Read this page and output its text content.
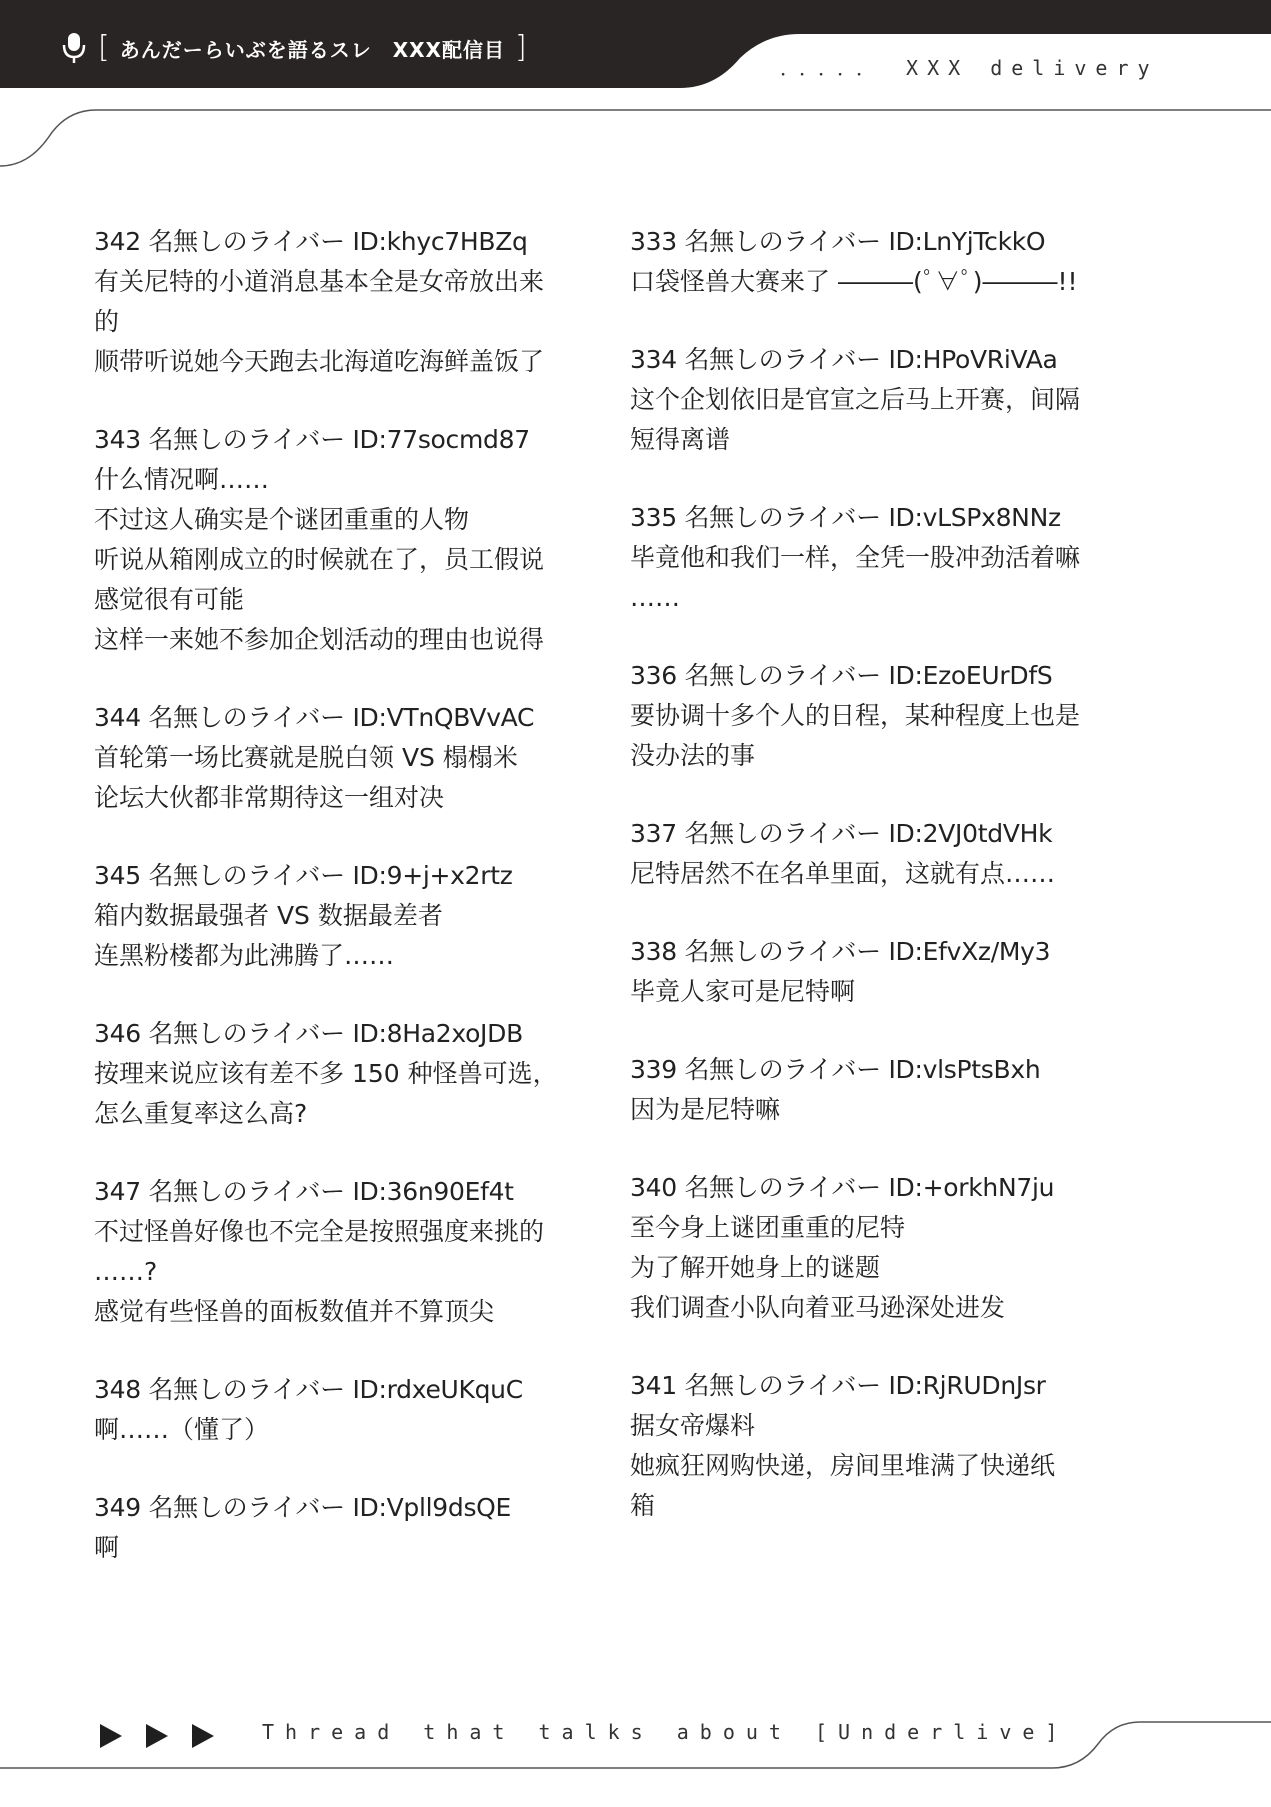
[ あんだーらいぶを語るスレ　XXX配信目 ]
．．．．． XXX delivery
342 名無しのライバー ID:khyc7HBZq
有关尼特的小道消息基本全是女帝放出来
的
顺带听说她今天跑去北海道吃海鲜盖饭了
343 名無しのライバー ID:77socmd87
什么情况啊……
不过这人确实是个谜团重重的人物
听说从箱刚成立的时候就在了，员工假说
感觉很有可能
这样一来她不参加企划活动的理由也说得
344 名無しのライバー ID:VTnQBVvAC
首轮第一场比赛就是脱白领 VS 榻榻米
论坛大伙都非常期待这一组对决
345 名無しのライバー ID:9+j+x2rtz
箱内数据最强者 VS 数据最差者
连黑粉楼都为此沸腾了……
346 名無しのライバー ID:8Ha2xoJDB
按理来说应该有差不多 150 种怪兽可选，
怎么重复率这么高?
347 名無しのライバー ID:36n90Ef4t
不过怪兽好像也不完全是按照强度来挑的
……?
感觉有些怪兽的面板数值并不算顶尖
348 名無しのライバー ID:rdxeUKquC
啊……（懂了）
349 名無しのライバー ID:Vpll9dsQE
啊
333 名無しのライバー ID:LnYjTckkO
口袋怪兽大赛来了 ―――(ﾟ∀ﾟ)―――!!
334 名無しのライバー ID:HPoVRiVAa
这个企划依旧是官宣之后马上开赛，间隔
短得离谱
335 名無しのライバー ID:vLSPx8NNz
毕竟他和我们一样，全凭一股冲劲活着嘛
……
336 名無しのライバー ID:EzoEUrDfS
要协调十多个人的日程，某种程度上也是
没办法的事
337 名無しのライバー ID:2VJ0tdVHk
尼特居然不在名单里面，这就有点……
338 名無しのライバー ID:EfvXz/My3
毕竟人家可是尼特啊
339 名無しのライバー ID:vlsPtsBxh
因为是尼特嘛
340 名無しのライバー ID:+orkhN7ju
至今身上谜团重重的尼特
为了解开她身上的谜题
我们调查小队向着亚马逊深处进发
341 名無しのライバー ID:RjRUDnJsr
据女帝爆料
她疯狂网购快递，房间里堆满了快递纸
箱
Thread that talks about [Underlive]
